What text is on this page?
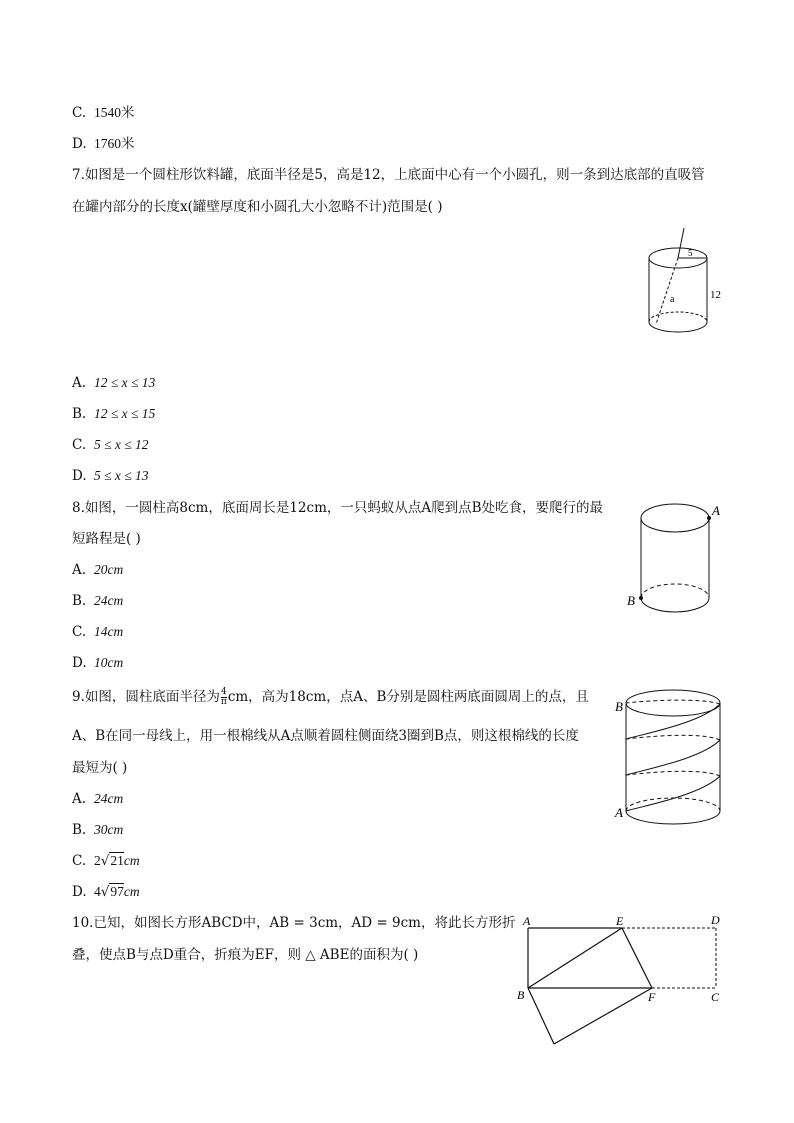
C. 1540米
D. 1760米
7.如图是一个圆柱形饮料罐，底面半径是5，高是12，上底面中心有一个小圆孔，则一条到达底部的直吸管
在罐内部分的长度x(罐壁厚度和小圆孔大小忽略不计)范围是( )
5
a	12
A. 12 ≤ x ≤ 13
B. 12 ≤ x ≤ 15
C. 5 ≤ x ≤ 12
D. 5 ≤ x ≤ 13
8.如图，一圆柱高8cm，底面周长是12cm，一只蚂蚁从点A爬到点B处吃食，要爬行的最
短路程是( )
A
B
A. 20cm
B. 24cm
C. 14cm
D. 10cm
9.如图，圆柱底面半径为 $\frac{4}{\pi}$ cm，高为18cm，点A、B分别是圆柱两底面圆周上的点，且
A、B在同一母线上，用一根棉线从A点顺着圆柱侧面绕3圈到B点，则这根棉线的长度
最短为( )
B
A
A. 24cm
B. 30cm
C. 2√21cm
D. 4√97cm
10.已知，如图长方形ABCD中，AB = 3cm，AD = 9cm，将此长方形折
叠，使点B与点D重合，折痕为EF，则 △ ABE的面积为( )
A	E	D
B	F	C
